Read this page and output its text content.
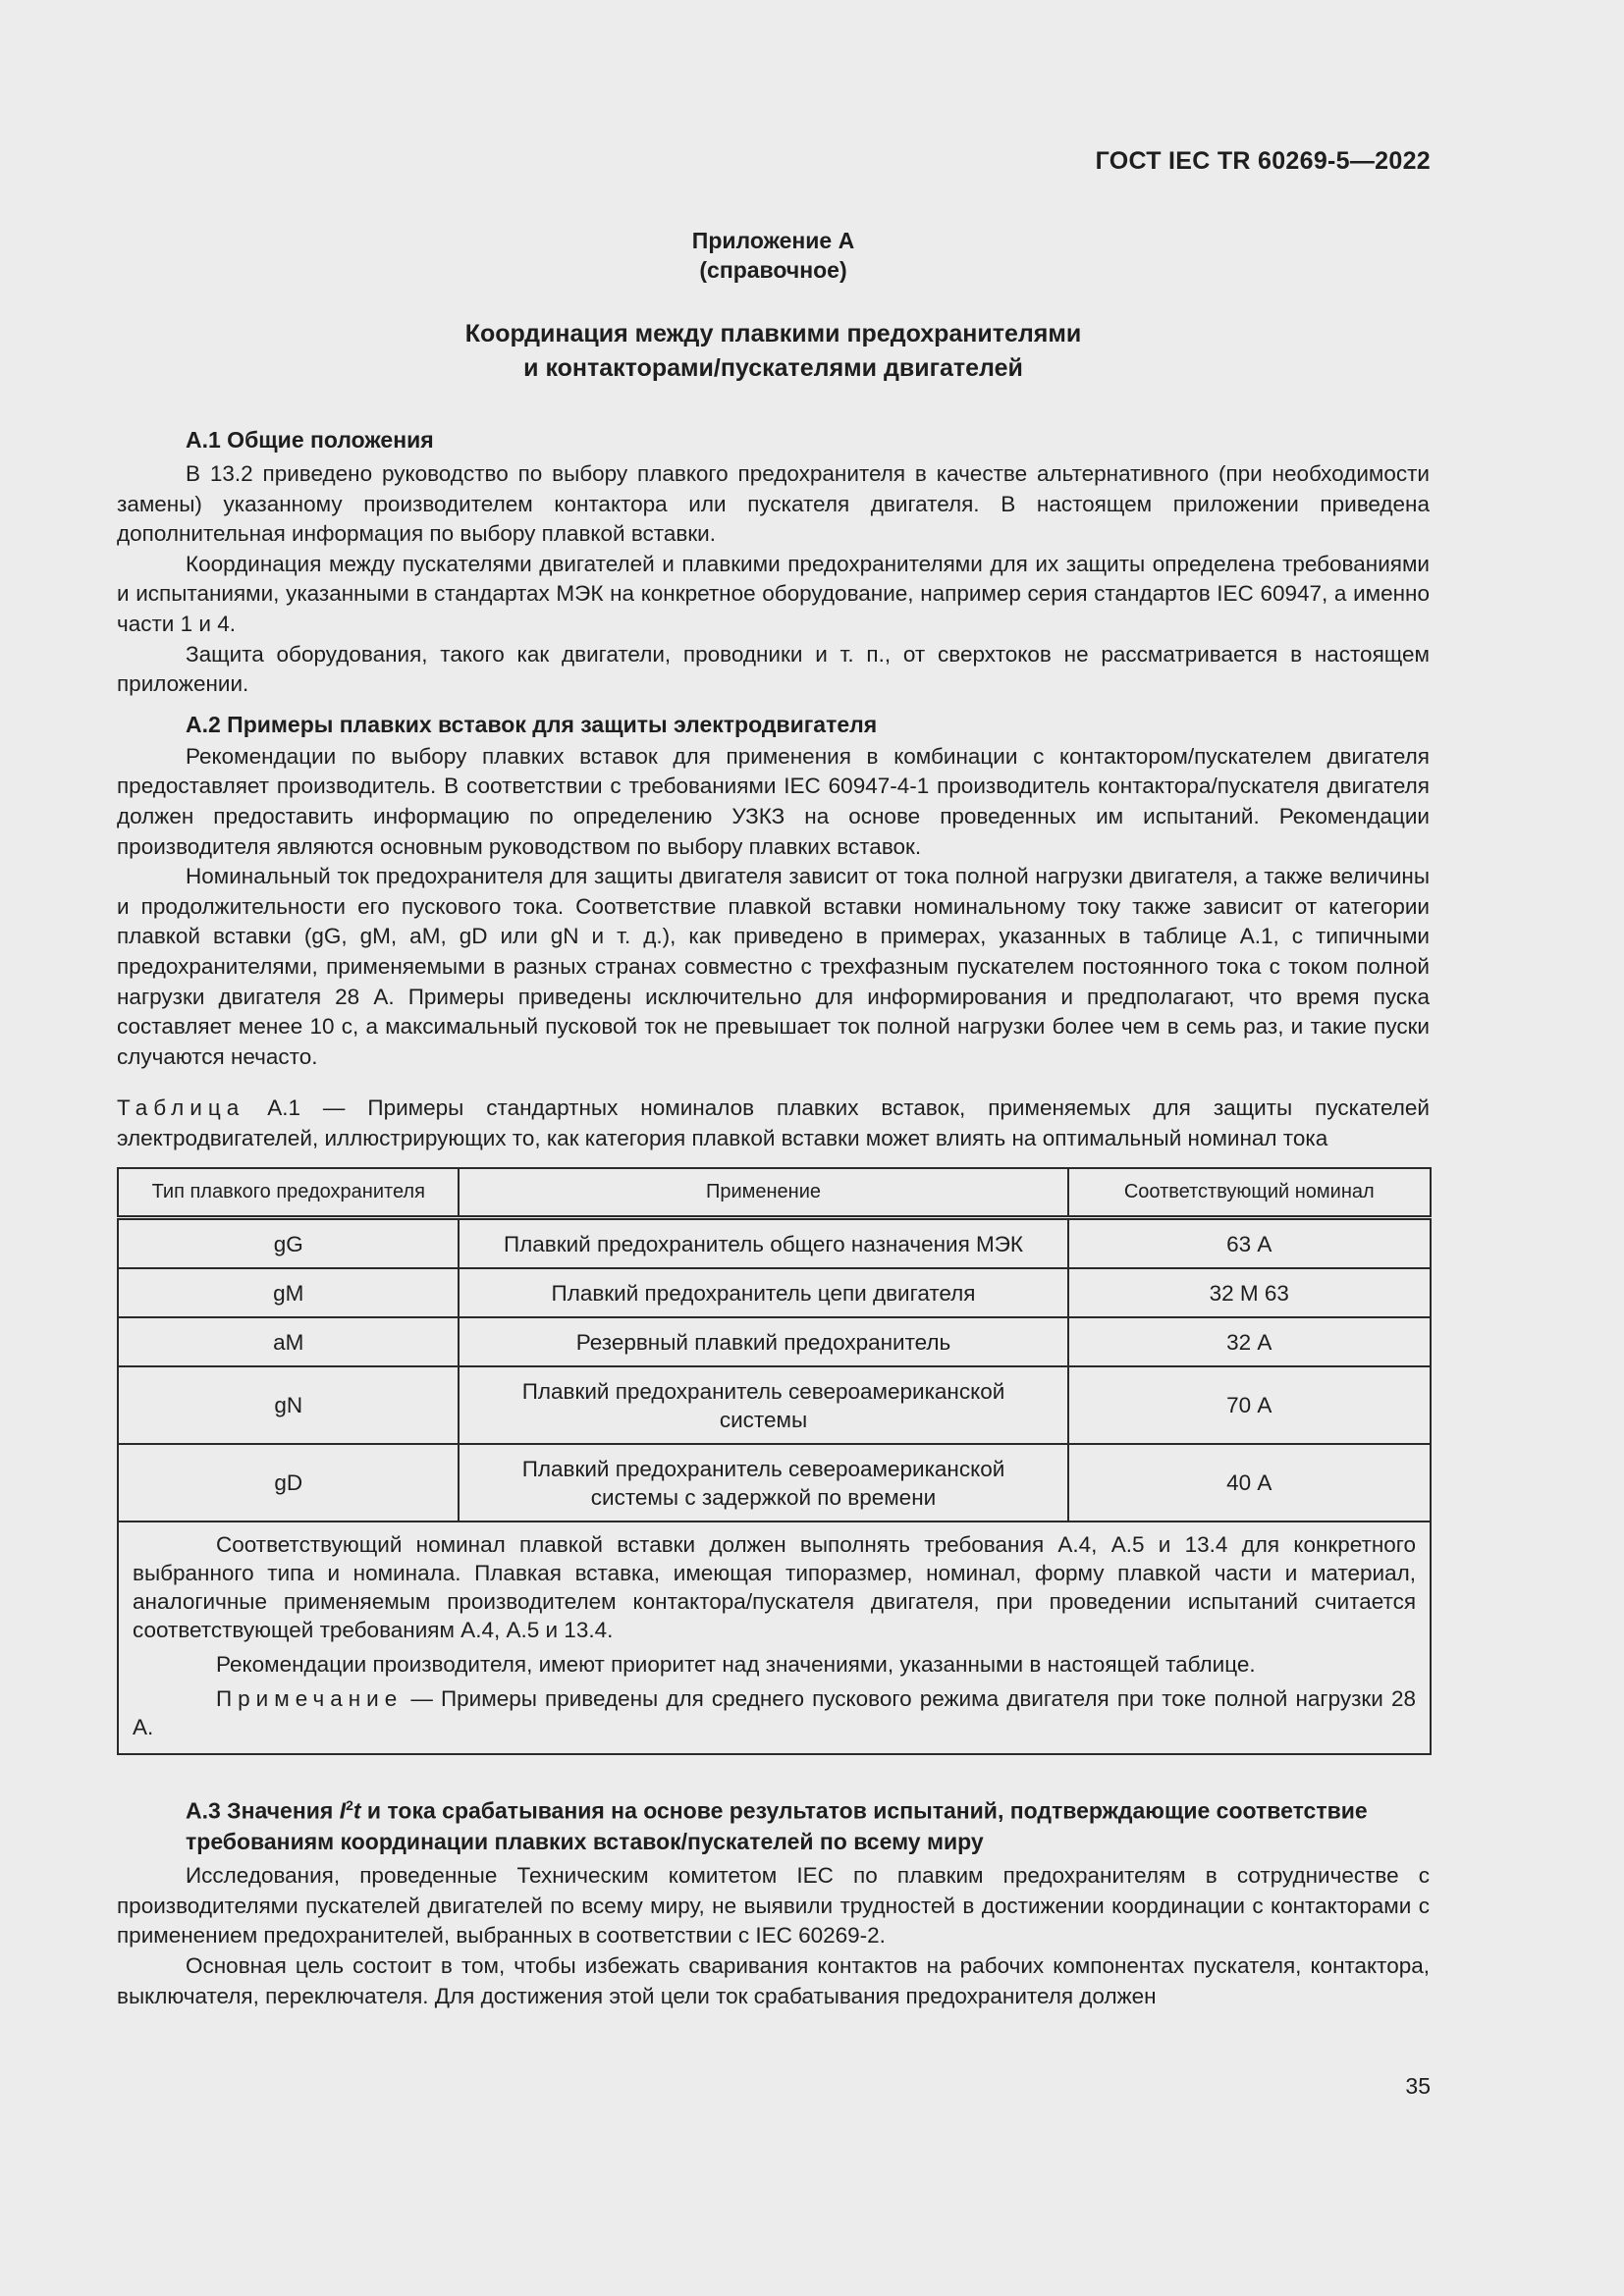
ГОСТ IEC TR 60269-5—2022
Приложение А
(справочное)
Координация между плавкими предохранителями
и контакторами/пускателями двигателей
А.1 Общие положения

В 13.2 приведено руководство по выбору плавкого предохранителя в качестве альтернативного (при необходимости замены) указанному производителем контактора или пускателя двигателя. В настоящем приложении приведена дополнительная информация по выбору плавкой вставки.

Координация между пускателями двигателей и плавкими предохранителями для их защиты определена требованиями и испытаниями, указанными в стандартах МЭК на конкретное оборудование, например серия стандартов IEC 60947, а именно части 1 и 4.

Защита оборудования, такого как двигатели, проводники и т. п., от сверхтоков не рассматривается в настоящем приложении.

А.2 Примеры плавких вставок для защиты электродвигателя

Рекомендации по выбору плавких вставок для применения в комбинации с контактором/пускателем двигателя предоставляет производитель. В соответствии с требованиями IEC 60947-4-1 производитель контактора/пускателя двигателя должен предоставить информацию по определению УЗКЗ на основе проведенных им испытаний. Рекомендации производителя являются основным руководством по выбору плавких вставок.

Номинальный ток предохранителя для защиты двигателя зависит от тока полной нагрузки двигателя, а также величины и продолжительности его пускового тока. Соответствие плавкой вставки номинальному току также зависит от категории плавкой вставки (gG, gM, aM, gD или gN и т. д.), как приведено в примерах, указанных в таблице А.1, с типичными предохранителями, применяемыми в разных странах совместно с трехфазным пускателем постоянного тока с током полной нагрузки двигателя 28 А. Примеры приведены исключительно для информирования и предполагают, что время пуска составляет менее 10 с, а максимальный пусковой ток не превышает ток полной нагрузки более чем в семь раз, и такие пуски случаются нечасто.

Таблица А.1 — Примеры стандартных номиналов плавких вставок, применяемых для защиты пускателей электродвигателей, иллюстрирующих то, как категория плавкой вставки может влиять на оптимальный номинал тока

Тип плавкого предохранителя	Применение	Соответствующий номинал
gG	Плавкий предохранитель общего назначения МЭК	63 А
gM	Плавкий предохранитель цепи двигателя	32 M 63
aM	Резервный плавкий предохранитель	32 А
gN	Плавкий предохранитель североамериканской системы	70 А
gD	Плавкий предохранитель североамериканской системы с задержкой по времени	40 А

Соответствующий номинал плавкой вставки должен выполнять требования А.4, А.5 и 13.4 для конкретного выбранного типа и номинала. Плавкая вставка, имеющая типоразмер, номинал, форму плавкой части и материал, аналогичные применяемым производителем контактора/пускателя двигателя, при проведении испытаний считается соответствующей требованиям А.4, А.5 и 13.4.

Рекомендации производителя, имеют приоритет над значениями, указанными в настоящей таблице.

Примечание — Примеры приведены для среднего пускового режима двигателя при токе полной нагрузки 28 А.		

А.3 Значения $I^2t$ и тока срабатывания на основе результатов испытаний, подтверждающие соответствие требованиям координации плавких вставок/пускателей по всему миру

Исследования, проведенные Техническим комитетом IEC по плавким предохранителям в сотрудничестве с производителями пускателей двигателей по всему миру, не выявили трудностей в достижении координации с контакторами с применением предохранителей, выбранных в соответствии с IEC 60269-2.

Основная цель состоит в том, чтобы избежать сваривания контактов на рабочих компонентах пускателя, контактора, выключателя, переключателя. Для достижения этой цели ток срабатывания предохранителя должен

35
